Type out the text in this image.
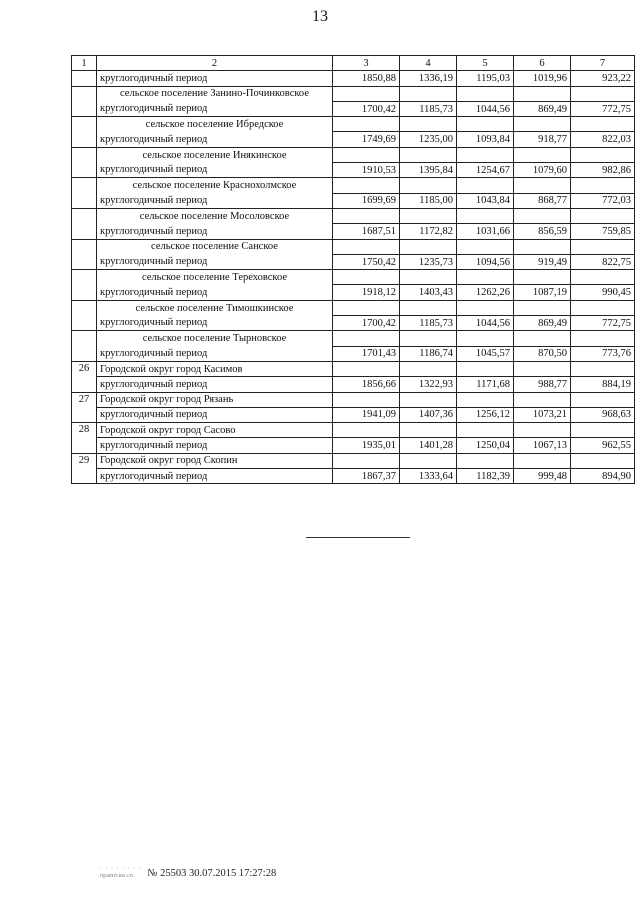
13
1	2	3	4	5	6	7
	круглогодичный период	1850,88	1336,19	1195,03	1019,96	923,22
	сельское поселение Занино-Починковское					
	круглогодичный период	1700,42	1185,73	1044,56	869,49	772,75
	сельское поселение Ибредское					
	круглогодичный период	1749,69	1235,00	1093,84	918,77	822,03
	сельское поселение Инякинское					
	круглогодичный период	1910,53	1395,84	1254,67	1079,60	982,86
	сельское поселение Краснохолмское					
	круглогодичный период	1699,69	1185,00	1043,84	868,77	772,03
	сельское поселение Мосоловское					
	круглогодичный период	1687,51	1172,82	1031,66	856,59	759,85
	сельское поселение Санское					
	круглогодичный период	1750,42	1235,73	1094,56	919,49	822,75
	сельское поселение Тереховское					
	круглогодичный период	1918,12	1403,43	1262,26	1087,19	990,45
	сельское поселение Тимошкинское					
	круглогодичный период	1700,42	1185,73	1044,56	869,49	772,75
	сельское поселение Тырновское					
	круглогодичный период	1701,43	1186,74	1045,57	870,50	773,76
26	Городской округ город Касимов					
	круглогодичный период	1856,66	1322,93	1171,68	988,77	884,19
27	Городской округ город Рязань					
	круглогодичный период	1941,09	1407,36	1256,12	1073,21	968,63
28	Городской округ город Сасово					
	круглогодичный период	1935,01	1401,28	1250,04	1067,13	962,55
29	Городской округ город Скопин					
	круглогодичный период	1867,37	1333,64	1182,39	999,48	894,90
· · · · · · · ·
правит.вы.сп.	№ 25503 30.07.2015 17:27:28
